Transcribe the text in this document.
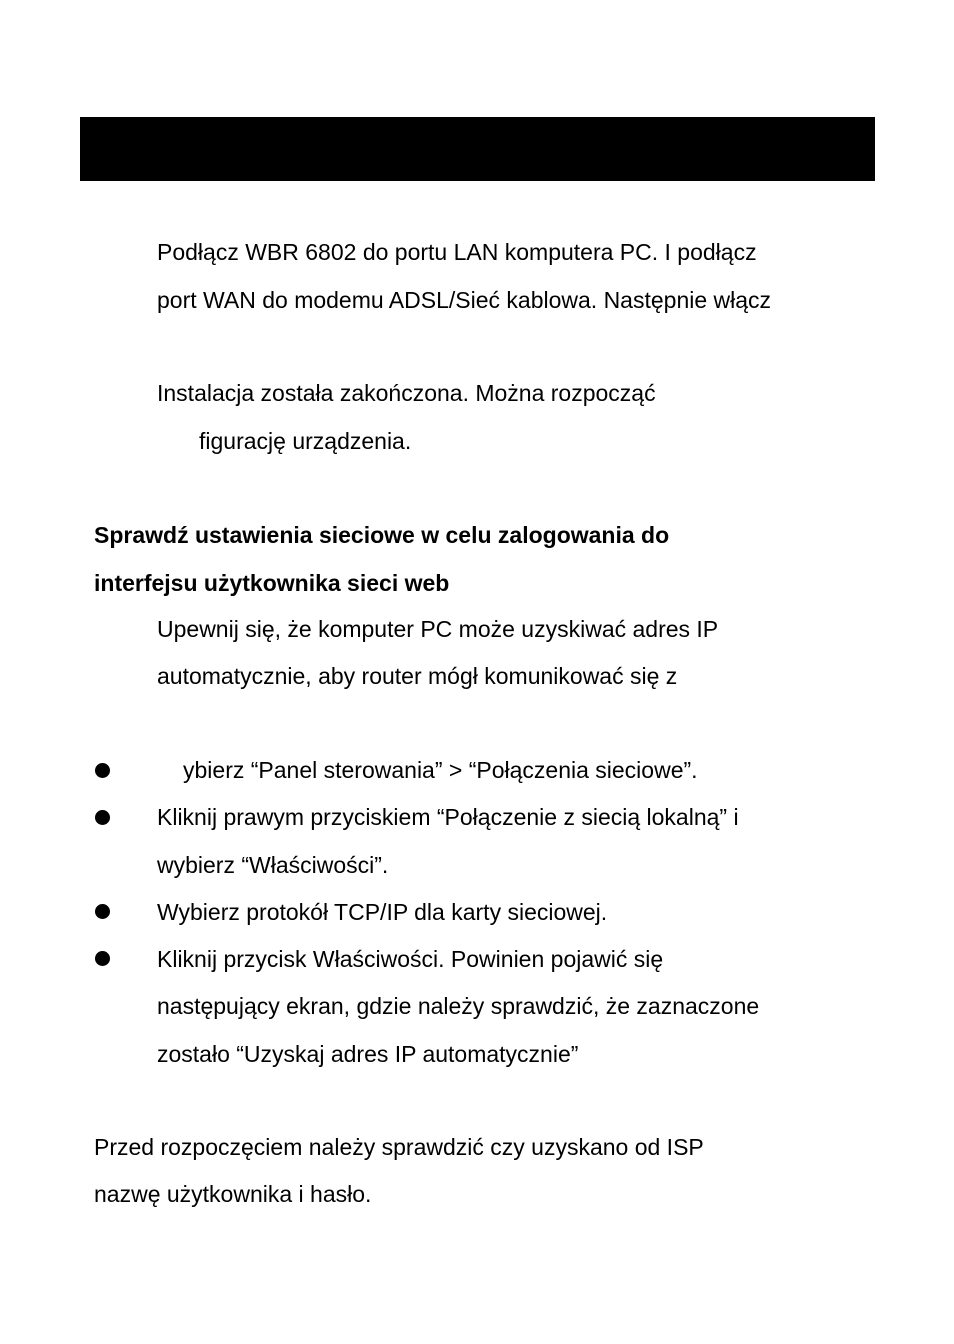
Podłącz WBR 6802 do portu LAN komputera PC. I podłącz

port WAN do modemu ADSL/Sieć kablowa. Następnie włącz

Instalacja została zakończona. Można rozpocząć

figurację urządzenia.

Sprawdź ustawienia sieciowe w celu zalogowania do

interfejsu użytkownika sieci web

Upewnij się, że komputer PC może uzyskiwać adres IP

automatycznie, aby router mógł komunikować się z

ybierz “Panel sterowania” > “Połączenia sieciowe”.

Kliknij prawym przyciskiem “Połączenie z siecią lokalną” i

wybierz “Właściwości”.

Wybierz protokół TCP/IP dla karty sieciowej.

Kliknij przycisk Właściwości. Powinien pojawić się

następujący ekran, gdzie należy sprawdzić, że zaznaczone

zostało “Uzyskaj adres IP automatycznie”

Przed rozpoczęciem należy sprawdzić czy uzyskano od ISP

nazwę użytkownika i hasło.
